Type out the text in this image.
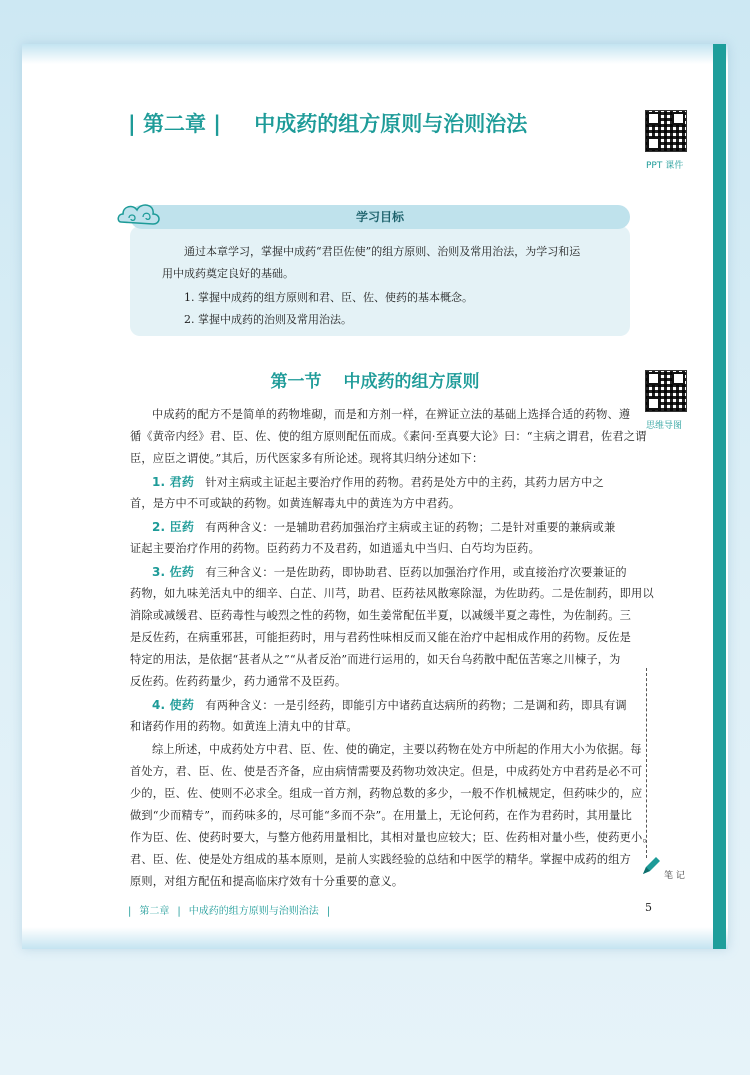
| 第二章 | 中成药的组方原则与治则治法
PPT 课件
思维导图
学习目标
通过本章学习，掌握中成药“君臣佐使”的组方原则、治则及常用治法，为学习和运
用中成药奠定良好的基础。
1. 掌握中成药的组方原则和君、臣、佐、使药的基本概念。
2. 掌握中成药的治则及常用治法。
第一节 中成药的组方原则
中成药的配方不是简单的药物堆砌，而是和方剂一样，在辨证立法的基础上选择合适的药物、遵
循《黄帝内经》君、臣、佐、使的组方原则配伍而成。《素问·至真要大论》曰：“主病之谓君，佐君之谓
臣，应臣之谓使。”其后，历代医家多有所论述。现将其归纳分述如下：
1. 君药 针对主病或主证起主要治疗作用的药物。君药是处方中的主药，其药力居方中之
首，是方中不可或缺的药物。如黄连解毒丸中的黄连为方中君药。
2. 臣药 有两种含义：一是辅助君药加强治疗主病或主证的药物；二是针对重要的兼病或兼
证起主要治疗作用的药物。臣药药力不及君药，如逍遥丸中当归、白芍均为臣药。
3. 佐药 有三种含义：一是佐助药，即协助君、臣药以加强治疗作用，或直接治疗次要兼证的
药物，如九味羌活丸中的细辛、白芷、川芎，助君、臣药祛风散寒除湿，为佐助药。二是佐制药，即用以
消除或减缓君、臣药毒性与峻烈之性的药物，如生姜常配伍半夏，以减缓半夏之毒性，为佐制药。三
是反佐药，在病重邪甚，可能拒药时，用与君药性味相反而又能在治疗中起相成作用的药物。反佐是
特定的用法，是依据“甚者从之”“从者反治”而进行运用的，如天台乌药散中配伍苦寒之川楝子，为
反佐药。佐药药量少，药力通常不及臣药。
4. 使药 有两种含义：一是引经药，即能引方中诸药直达病所的药物；二是调和药，即具有调
和诸药作用的药物。如黄连上清丸中的甘草。
综上所述，中成药处方中君、臣、佐、使的确定，主要以药物在处方中所起的作用大小为依据。每
首处方，君、臣、佐、使是否齐备，应由病情需要及药物功效决定。但是，中成药处方中君药是必不可
少的，臣、佐、使则不必求全。组成一首方剂，药物总数的多少，一般不作机械规定，但药味少的，应
做到“少而精专”，而药味多的，尽可能“多而不杂”。在用量上，无论何药，在作为君药时，其用量比
作为臣、佐、使药时要大，与整方他药用量相比，其相对量也应较大；臣、佐药相对量小些，使药更小。
君、臣、佐、使是处方组成的基本原则，是前人实践经验的总结和中医学的精华。掌握中成药的组方
原则，对组方配伍和提高临床疗效有十分重要的意义。	笔 记
| 第二章 | 中成药的组方原则与治则治法 |	5
